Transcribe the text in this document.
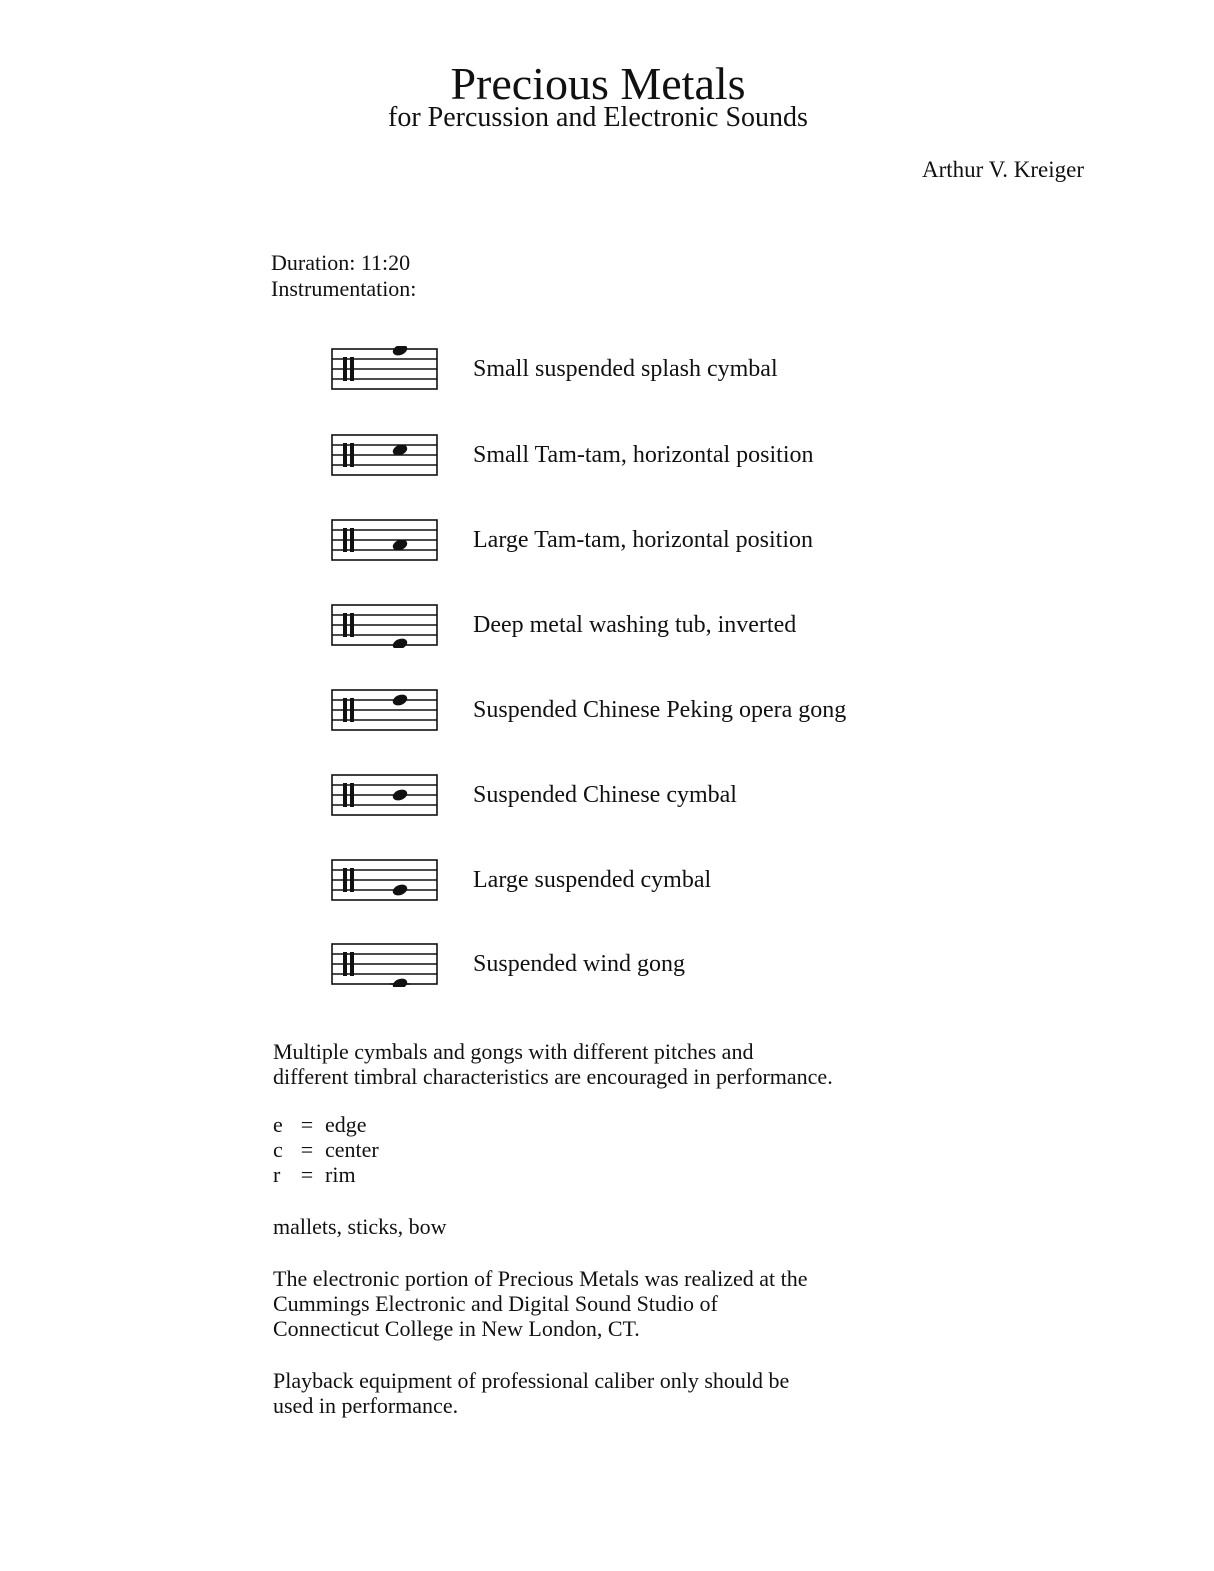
Precious Metals
for Percussion and Electronic Sounds
Arthur V. Kreiger
Duration: 11:20
Instrumentation:
Small suspended splash cymbal
Small Tam-tam, horizontal position
Large Tam-tam, horizontal position
Deep metal washing tub, inverted
Suspended Chinese Peking opera gong
Suspended Chinese cymbal
Large suspended cymbal
Suspended wind gong
Multiple cymbals and gongs with different pitches and
different timbral characteristics are encouraged in performance.
e = edge
c = center
r = rim
mallets, sticks, bow
The electronic portion of Precious Metals was realized at the
Cummings Electronic and Digital Sound Studio of
Connecticut College in New London, CT.
Playback equipment of professional caliber only should be
used in performance.
